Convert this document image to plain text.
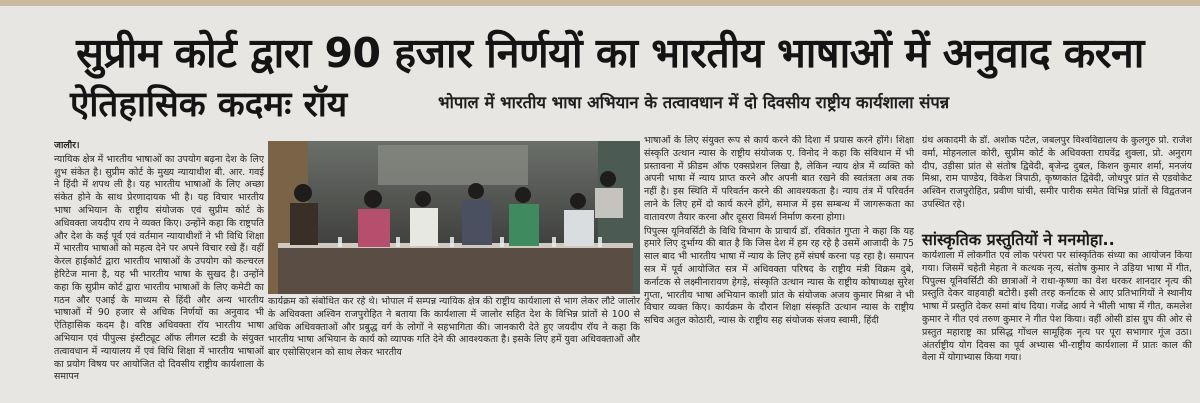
सुप्रीम कोर्ट द्वारा 90 हजार निर्णयों का भारतीय भाषाओं में अनुवाद करना
ऐतिहासिक कदमः रॉय	भोपाल में भारतीय भाषा अभियान के तत्वावधान में दो दिवसीय राष्ट्रीय कार्यशाला संपन्न

जालौर।

न्यायिक क्षेत्र में भारतीय भाषाओं का उपयोग बढ़ना देश के लिए शुभ संकेत है। सुप्रीम कोर्ट के मुख्य न्यायाधीश बी. आर. गवई ने हिंदी में शपथ ली है। यह भारतीय भाषाओं के लिए अच्छा संकेत होने के साथ प्रेरणादायक भी है। यह विचार भारतीय भाषा अभियान के राष्ट्रीय संयोजक एवं सुप्रीम कोर्ट के अधिवक्ता जयदीप राय ने व्यक्त किए। उन्होंने कहा कि राष्ट्रपति और देश के कई पूर्व एवं वर्तमान न्यायाधीशों ने भी विधि शिक्षा में भारतीय भाषाओं को महत्व देने पर अपने विचार रखे हैं। वहीं केरल हाईकोर्ट द्वारा भारतीय भाषाओं के उपयोग को कल्चरल हेरिटेज माना है, यह भी भारतीय भाषा के सुखद है। उन्होंने कहा कि सुप्रीम कोर्ट द्वारा भारतीय भाषाओं के लिए कमेटी का गठन और एआई के माध्यम से हिंदी और अन्य भारतीय भाषाओं में 90 हजार से अधिक निर्णयों का अनुवाद भी ऐतिहासिक कदम है। वरिष्ठ अधिवक्ता रॉय भारतीय भाषा अभियान एवं पीपुल्स इंस्टीट्यूट ऑफ लीगल स्टडी के संयुक्त तत्वावधान में न्यायालय में एवं विधि शिक्षा में भारतीय भाषाओं का प्रयोग विषय पर आयोजित दो दिवसीय राष्ट्रीय कार्यशाला के समापन

कार्यक्रम को संबोधित कर रहे थे। भोपाल में सम्पन्न न्यायिक क्षेत्र की राष्ट्रीय कार्यशाला से भाग लेकर लौटे जालोर के अधिवक्ता अश्विन राजपुरोहित ने बताया कि कार्यशाला में जालोर सहित देश के विभिन्न प्रांतों से 100 से अधिक अधिवक्ताओं और प्रबुद्ध वर्ग के लोगों ने सहभागिता की। जानकारी देते हुए जयदीप रॉय ने कहा कि भारतीय भाषा अभियान के कार्य को व्यापक गति देने की आवश्यकता है। इसके लिए हमें युवा अधिवक्ताओं और बार एसोसिएशन को साथ लेकर भारतीय

भाषाओं के लिए संयुक्त रूप से कार्य करने की दिशा में प्रयास करने होंगे। शिक्षा संस्कृति उत्थान न्यास के राष्ट्रीय संयोजक ए. विनोद ने कहा कि संविधान में भी प्रस्तावना में फ्रीडम ऑफ एक्सप्रेशन लिखा है, लेकिन न्याय क्षेत्र में व्यक्ति को अपनी भाषा में न्याय प्राप्त करने और अपनी बात रखने की स्वतंत्रता अब तक नहीं है। इस स्थिति में परिवर्तन करने की आवश्यकता है। न्याय तंत्र में परिवर्तन लाने के लिए हमें दो कार्य करने होंगे, समाज में इस सम्बन्ध में जागरूकता का वातावरण तैयार करना और दूसरा विमर्श निर्माण करना होगा।

पिपुल्स यूनिवर्सिटी के विधि विभाग के प्राचार्य डॉ. रविकांत गुप्ता ने कहा कि यह हमारे लिए दुर्भाग्य की बात है कि जिस देश में हम रह रहे है उसमें आजादी के 75 साल बाद भी भारतीय भाषा में न्याय के लिए हमें संघर्ष करना पड़ रहा है। समापन सत्र में पूर्व आयोजित सत्र में अधिवक्ता परिषद के राष्ट्रीय मंत्री विक्रम दुबे, कर्नाटक से लक्ष्मीनारायण हेगड़े, संस्कृति उत्थान न्यास के राष्ट्रीय कोषाध्यक्ष सुरेश गुप्ता, भारतीय भाषा अभियान काशी प्रांत के संयोजक अजय कुमार मिश्रा ने भी विचार व्यक्त किए। कार्यक्रम के दौरान शिक्षा संस्कृति उत्थान न्यास के राष्ट्रीय सचिव अतुल कोठारी, न्यास के राष्ट्रीय सह संयोजक संजय स्वामी, हिंदी

ग्रंथ अकादमी के डॉ. अशोक पटेल, जबलपुर विश्वविद्यालय के कुलगुरु प्रो. राजेश वर्मा, मोहनलाल कोरी, सुप्रीम कोर्ट के अधिवक्ता राघवेंद्र शुक्ला, प्रो. अनुराग दीप, उड़ीसा प्रांत से संतोष द्विवेदी, बृजेन्द्र दुबल, किशन कुमार शर्मा, मनजंय मिश्रा, राम पाण्डेय, विकेश त्रिपाठी, कृष्णकांत द्विवेदी, जोधपुर प्रांत से एडवोकेट अश्विन राजपुरोहित, प्रवीण घांची, समीर पारीक समेत विभिन्न प्रांतों से विद्वतजन उपस्थित रहे।

सांस्कृतिक प्रस्तुतियों ने मनमोहा..

कार्यशाला में लोकगीत एवं लोक परंपरा पर सांस्कृतिक संध्या का आयोजन किया गया। जिसमें चहेती मेहता ने कत्थक नृत्य, संतोष कुमार ने उड़िया भाषा में गीत, पिपुल्स यूनिवर्सिटी की छात्राओं ने राधा-कृष्णा का वेश धरकर शानदार नृत्य की प्रस्तुति देकर वाहवाही बटोरी। इसी तरह कर्नाटक से आए प्रतिभागियों ने स्थानीय भाषा में प्रस्तुति देकर समां बांध दिया। गजेंद्र आर्य ने भीली भाषा में गीत, कमलेश कुमार ने गीत एवं तरुण कुमार ने गीत पेश किया। वहीं ओसी डांस ग्रुप की ओर से प्रस्तुत महाराष्ट्र का प्रसिद्ध गोंधल सामूहिक नृत्य पर पूरा सभागार गूंज उठा। अंतर्राष्ट्रीय योग दिवस का पूर्व अभ्यास भी-राष्ट्रीय कार्यशाला में प्रातः काल की वेला में योगाभ्यास किया गया।
